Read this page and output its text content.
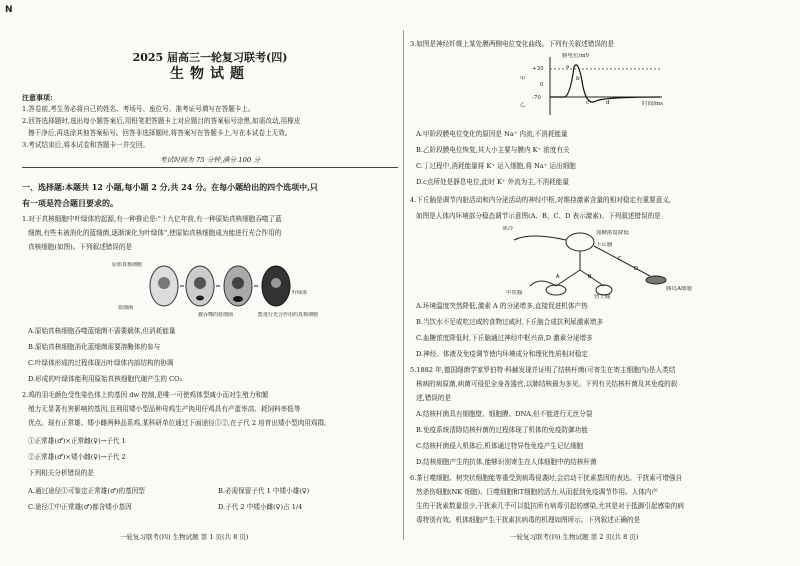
N
2025 届高三一轮复习联考(四)
生物试题
注意事项:
1.答卷前,考生务必将自己的姓名、考场号、座位号、准考证号填写在答题卡上。
2.回答选择题时,选出每小题答案后,用铅笔把答题卡上对应题目的答案标号涂黑,如需改动,用橡皮
擦干净后,再选涂其他答案标号。回答非选择题时,将答案写在答题卡上,写在本试卷上无效。
3.考试结束后,将本试卷和答题卡一并交回。
考试时间为 75 分钟,满分 100 分
一、选择题:本题共 12 小题,每小题 2 分,共 24 分。在每小题给出的四个选项中,只
有一项是符合题目要求的。
1.对于真核细胞中叶绿体的起源,有一种推论是:"十九亿年前,有一种原始真核细胞吞噬了蓝
细菌,有些未被消化的蓝细菌,逐渐演化为叶绿体",使原始真核细胞成为能进行光合作用的
真核细胞(如图)。下列叙述错误的是
原始真核细胞
蓝细菌
被吞噬的蓝细菌
叶绿体
能进行光合作用的真核细胞
A.原始真核细胞吞噬蓝细菌不需要载体,但消耗能量
B.原始真核细胞消化蓝细菌需要溶酶体的参与
C.叶绿体形成的过程体现出叶绿体内部结构的协调
D.形成的叶绿体能利用原始真核细胞代谢产生的 CO₂
2.鸡的羽毛颜色受性染色体上的基因 dw 控制,是唯一可使鸡体型减小而对生殖力和繁
殖力无显著有害影响的基因,且利用矮小型品种母鸡生产肉用仔鸡具有产蛋率高、耗饲料率低等
优点。现有正常雄、矮小雌两种品系鸡,某科研单位通过下面途径①②,在子代 2 培育出矮小型肉用鸡群。
①正常雄(♂)×正常雌(♀)→子代 1
②正常雄(♂)×矮小雌(♀)→子代 2
下列相关分析错误的是
A.通过途径①可鉴定正常雄(♂)的基因型	B.必需保留子代 1 中矮小雄(♀)
C.途径①中正常雄(♂)都含矮小基因	D.子代 2 中矮小雌(♀)占 1/4
一轮复习联考(四) 生物试题 第 1 页(共 8 页)
3.如图是神经纤维上某处膜两侧电位变化曲线。下列有关叙述错误的是
膜电位/mV
+35
0
-70
a
b
c	d	时间/ms
甲
乙
A.甲阶段膜电位变化的原因是 Na⁺ 内流,不消耗能量
B.乙阶段膜电位恢复,其大小主要与膜内 K⁺ 浓度有关
C.丁过程中,消耗能量将 K⁺ 运入细胞,将 Na⁺ 运出细胞
D.c点所处是静息电位,此时 K⁺ 外流为主,不消耗能量
4.下丘脑是调节内脏活动和内分泌活动的神经中枢,对维持激素含量的相对稳定有重要意义,
如图是人体内环境部分稳态调节示意图(A、B、C、D 表示激素)。下列叙述错误的是
A	B
C
D
寒冷
下丘脑
血糖浓度降低
甲状腺
肾上腺
胰岛A细胞
A.环境温度突然降低,激素 A 的分泌增多,直接促进机体产热
B.当饮水不足或吃过咸的食物过咸时,下丘脑合成抗利尿激素增多
C.血糖浓度降低时,下丘脑通过神经中枢兴奋,D 激素分泌增多
D.神经、体液及免疫调节使内环境成分和理化性质相对稳定
5.1882 年,德国细菌学家罗伯特·科赫发现并证明了结核杆菌(可寄生在寄主细胞内)是人类结
核病的病原菌,病菌可侵犯全身各器官,以肺结核最为多见。下列有关结核杆菌及其免疫的叙
述,错误的是
A.结核杆菌具有细胞壁、细胞膜、DNA,但不能进行无丝分裂
B.免疫系统清除结核杆菌的过程体现了机体的免疫防御功能
C.结核杆菌侵入机体后,机体通过特异性免疫产生记忆细胞
D.结核细胞产生的抗体,能够识别寄生在人体细胞中的结核杆菌
6.茶日噬细胞、树突状细胞能等重受到病毒侵袭时,会启动干扰素基因的表达。干扰素可增强自
然杀伤细胞(NK 细胞)、巨噬细胞和T细胞的活力,从而起到免疫调节作用。人体内产
生的干扰素数量很少,干扰素几乎可以抵抗所有病毒引起的感染,尤其是对于抵御引起感染的病
毒特别有效。机体细胞产生干扰素抗病毒的机理如图所示。下列叙述正确的是
一轮复习联考(四) 生物试题 第 2 页(共 8 页)
